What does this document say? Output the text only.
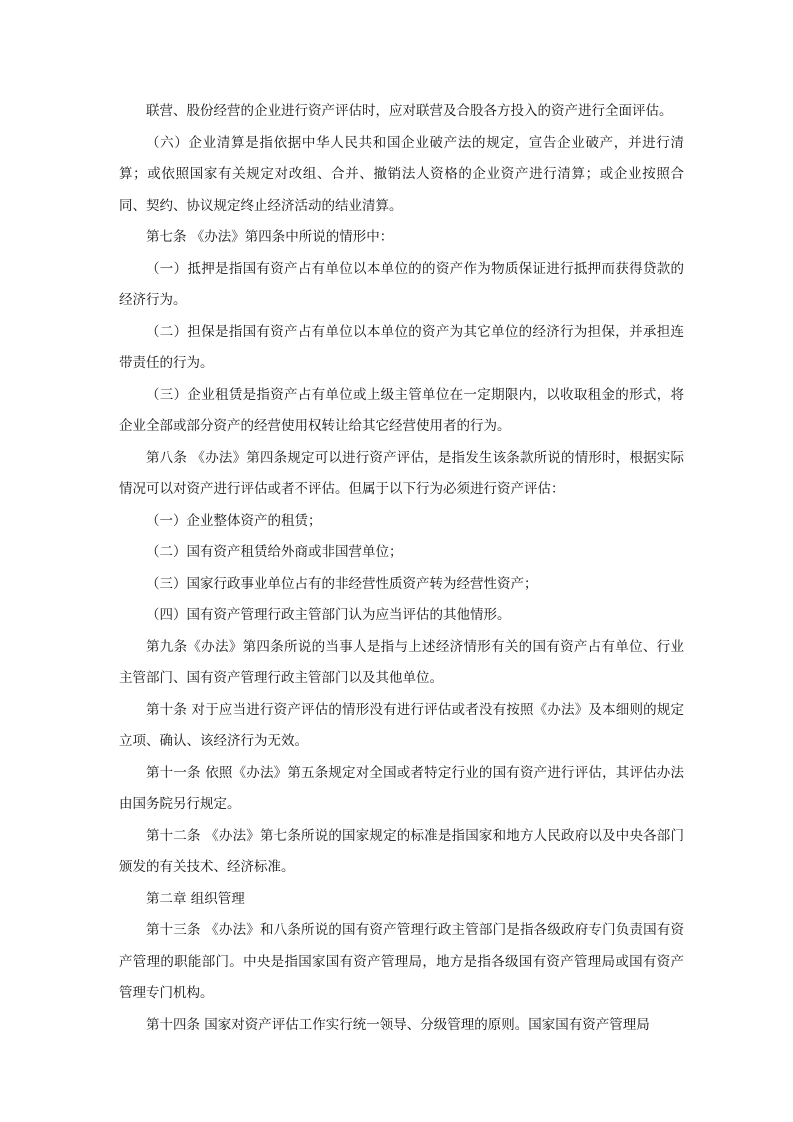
联营、股份经营的企业进行资产评估时，应对联营及合股各方投入的资产进行全面评估。

（六）企业清算是指依据中华人民共和国企业破产法的规定，宣告企业破产，并进行清算；或依照国家有关规定对改组、合并、撤销法人资格的企业资产进行清算；或企业按照合同、契约、协议规定终止经济活动的结业清算。

第七条 《办法》第四条中所说的情形中：

（一）抵押是指国有资产占有单位以本单位的的资产作为物质保证进行抵押而获得贷款的经济行为。

（二）担保是指国有资产占有单位以本单位的资产为其它单位的经济行为担保，并承担连带责任的行为。

（三）企业租赁是指资产占有单位或上级主管单位在一定期限内，以收取租金的形式，将企业全部或部分资产的经营使用权转让给其它经营使用者的行为。

第八条 《办法》第四条规定可以进行资产评估，是指发生该条款所说的情形时，根据实际情况可以对资产进行评估或者不评估。但属于以下行为必须进行资产评估：

（一）企业整体资产的租赁；

（二）国有资产租赁给外商或非国营单位；

（三）国家行政事业单位占有的非经营性质资产转为经营性资产；

（四）国有资产管理行政主管部门认为应当评估的其他情形。

第九条《办法》第四条所说的当事人是指与上述经济情形有关的国有资产占有单位、行业主管部门、国有资产管理行政主管部门以及其他单位。

第十条 对于应当进行资产评估的情形没有进行评估或者没有按照《办法》及本细则的规定立项、确认、该经济行为无效。

第十一条 依照《办法》第五条规定对全国或者特定行业的国有资产进行评估，其评估办法由国务院另行规定。

第十二条 《办法》第七条所说的国家规定的标准是指国家和地方人民政府以及中央各部门颁发的有关技术、经济标准。

第二章 组织管理

第十三条 《办法》和八条所说的国有资产管理行政主管部门是指各级政府专门负责国有资产管理的职能部门。中央是指国家国有资产管理局，地方是指各级国有资产管理局或国有资产管理专门机构。

第十四条 国家对资产评估工作实行统一领导、分级管理的原则。国家国有资产管理局
